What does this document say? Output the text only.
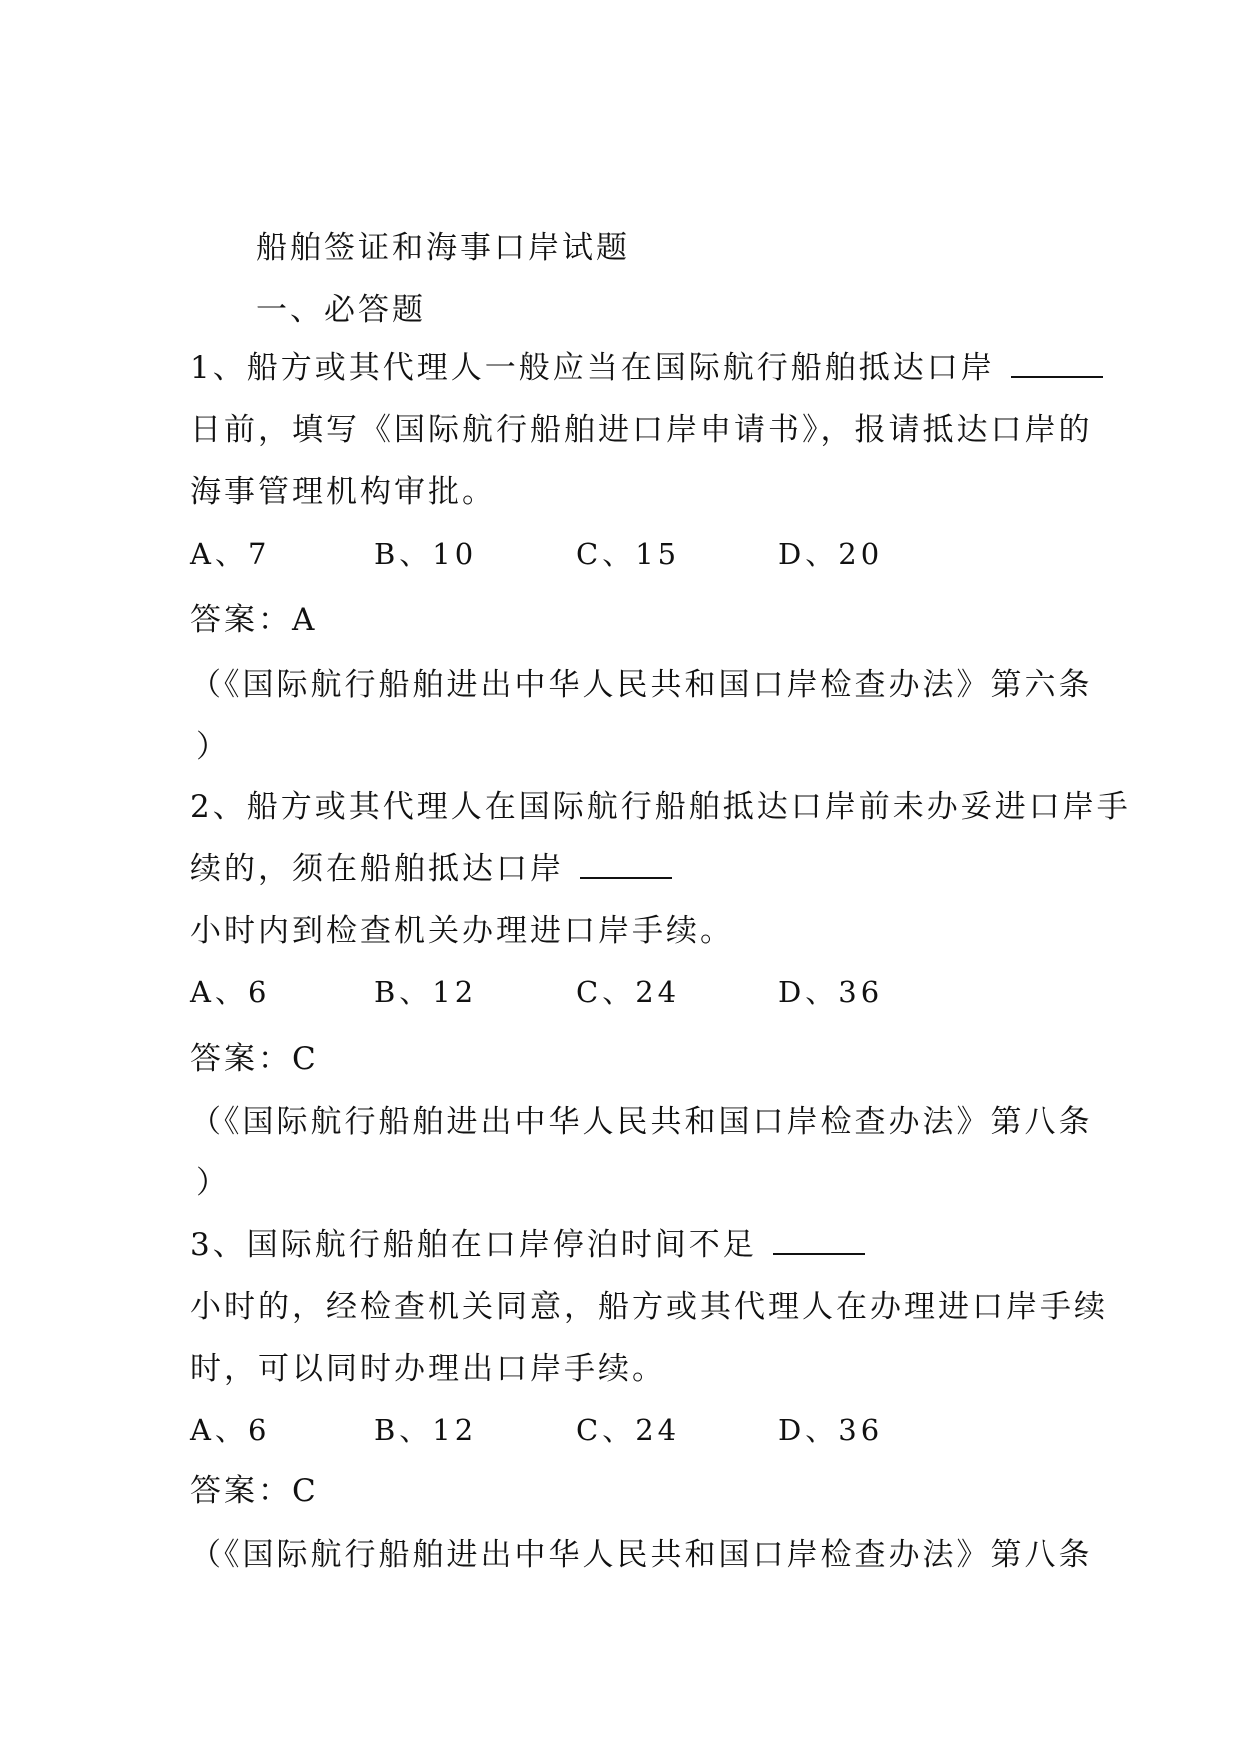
船舶签证和海事口岸试题
一、必答题
1、船方或其代理人一般应当在国际航行船舶抵达口岸
日前，填写《国际航行船舶进口岸申请书》，报请抵达口岸的
海事管理机构审批。
A、7	B、10	C、15	D、20
答案：A
（《国际航行船舶进出中华人民共和国口岸检查办法》第六条
）
2、船方或其代理人在国际航行船舶抵达口岸前未办妥进口岸手
续的，须在船舶抵达口岸
小时内到检查机关办理进口岸手续。
A、6	B、12	C、24	D、36
答案：C
（《国际航行船舶进出中华人民共和国口岸检查办法》第八条
）
3、国际航行船舶在口岸停泊时间不足
小时的，经检查机关同意，船方或其代理人在办理进口岸手续
时，可以同时办理出口岸手续。
A、6	B、12	C、24	D、36
答案：C
（《国际航行船舶进出中华人民共和国口岸检查办法》第八条
